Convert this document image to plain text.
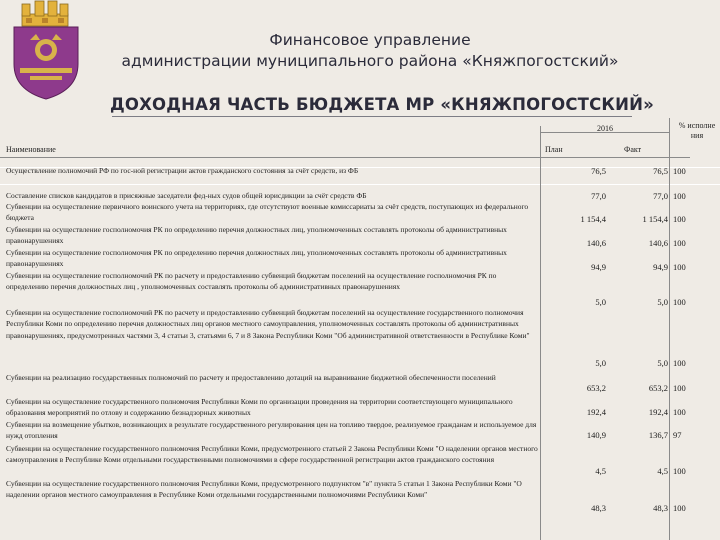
Финансовое управление
администрации муниципального района «Княжпогостский»
ДОХОДНАЯ ЧАСТЬ БЮДЖЕТА МР «КНЯЖПОГОСТСКИЙ»
Наименование
2016
План	Факт
% исполне ния
Осуществление полномочий РФ по гос-ной регистрации актов гражданского состояния за счёт средств, из ФБ	76,5	76,5 100
Составление списков кандидатов в присяжные заседатели фед-ных судов общей юрисдикции за счёт средств ФБ	77,0	77,0 100
Субвенции на осуществление первичного воинского учета на территориях, где отсутствуют военные комиссариаты за счёт средств, поступающих из федерального бюджета	1 154,4	1 154,4 100
Субвенции на осуществление госполномочия РК по определению перечня должностных лиц, уполномоченных составлять протоколы об административных правонарушениях	140,6	140,6 100
Субвенции на осуществление госполномочия РК по определению перечня должностных лиц, уполномоченных составлять протоколы об административных правонарушениях	94,9	94,9 100
Субвенции на осуществление госполномочий РК по расчету и предоставлению субвенций бюджетам поселений на осуществление госполномочия РК по определению перечня должностных лиц , уполномоченных составлять протоколы об административных правонарушениях
5,0	5,0 100
Субвенции на осуществление госполномочий РК по расчету и предоставлению субвенций бюджетам поселений на осуществление государственного полномочия Республики Коми по определению перечня должностных лиц органов местного самоуправления, уполномоченных составлять протоколы об административных правонарушениях, предусмотренных частями 3, 4 статьи 3, статьями 6, 7 и 8 Закона Республики Коми "Об административной ответственности в Республике Коми"
5,0	5,0 100
Субвенции на реализацию государственных полномочий по расчету и предоставлению дотаций на выравнивание бюджетной обеспеченности поселений
653,2	653,2 100
Субвенции на осуществление государственного полномочия Республики Коми по организации проведения на территории соответствующего муниципального образования мероприятий по отлову и содержанию безнадзорных животных	192,4	192,4 100
Субвенции на возмещение убытков, возникающих в результате государственного регулирования цен на топливо твердое, реализуемое гражданам и используемое для нужд отопления	140,9	136,7 97
Субвенции на осуществление государственного полномочия Республики Коми, предусмотренного статьей 2 Закона Республики Коми "О наделении органов местного самоуправления в Республике Коми отдельными государственными полномочиями в сфере государственной регистрации актов гражданского состояния
4,5	4,5 100
Субвенции на осуществление государственного полномочия Республики Коми, предусмотренного подпунктом "в" пункта 5 статьи 1 Закона Республики Коми "О наделении органов местного самоуправления в Республике Коми отдельными государственными полномочиями Республики Коми"
48,3	48,3 100
